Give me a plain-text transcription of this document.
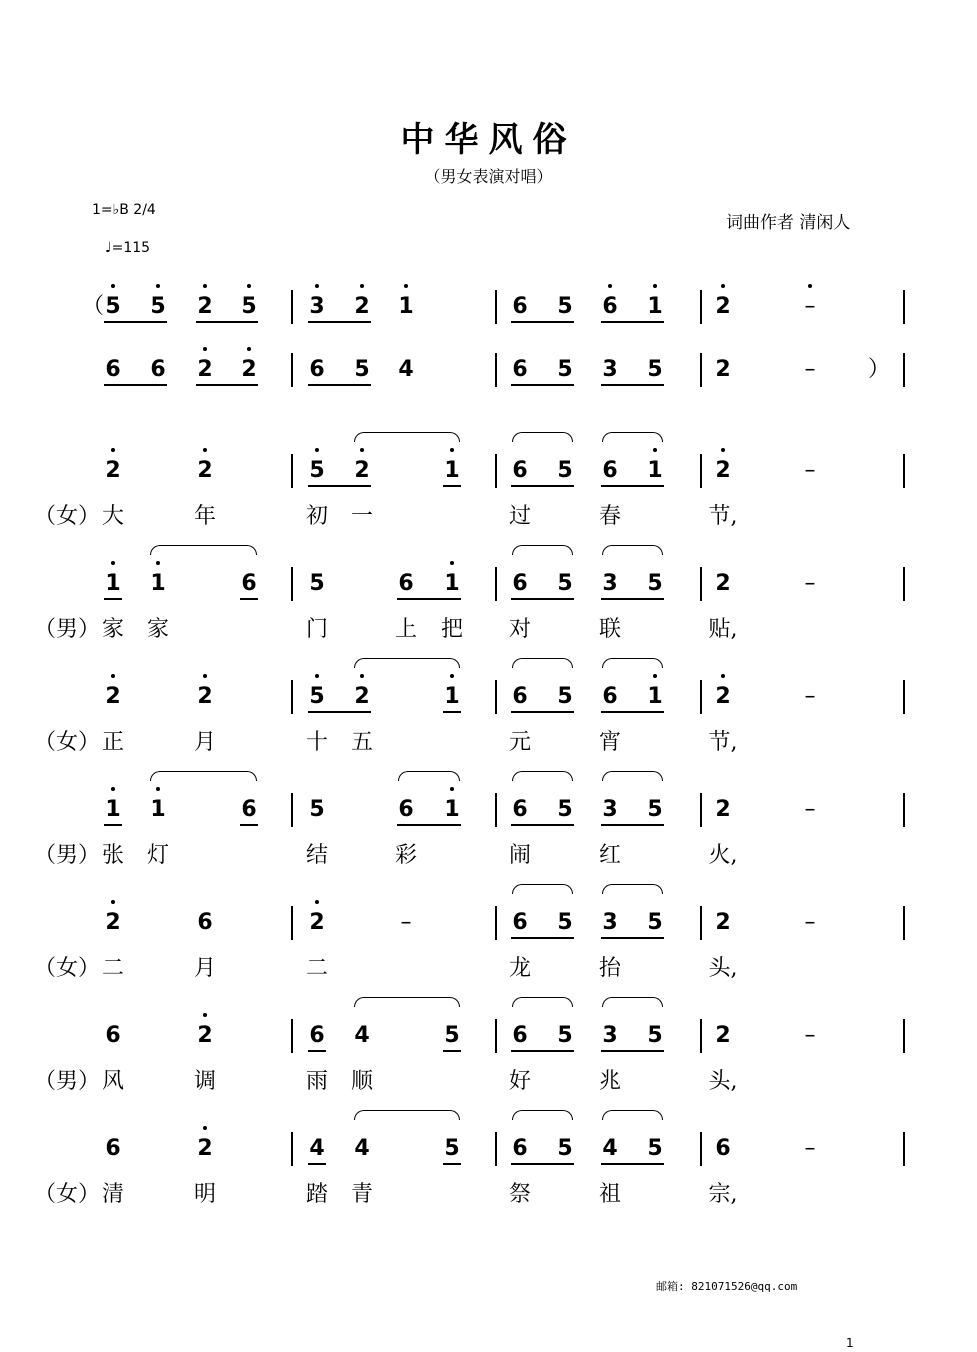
中华风俗
（男女表演对唱）
词曲作者 清闲人
1=♭B 2/4
♩=115
5	5	2	5	3	2	1	6	5	6	1	2	–
6	6	2	2	6	5	4	6	5	3	5	2	–
（
）
2	2	5	2	1	6	5	6	1	2	–
（女） 大	年	初	一	过	春	节,
1	1	6	5	6	1	6	5	3	5	2	–
（男） 家	家	门	上	把	对	联	贴,
2	2	5	2	1	6	5	6	1	2	–
（女） 正	月	十	五	元	宵	节,
1	1	6	5	6	1	6	5	3	5	2	–
（男） 张	灯	结	彩	闹	红	火,
2	6	2	–	6	5	3	5	2	–
（女） 二	月	二	龙	抬	头,
6	2	6	4	5	6	5	3	5	2	–
（男） 风	调	雨	顺	好	兆	头,
6	2	4	4	5	6	5	4	5	6	–
（女） 清	明	踏	青	祭	祖	宗,
邮箱: 821071526@qq.com
1
